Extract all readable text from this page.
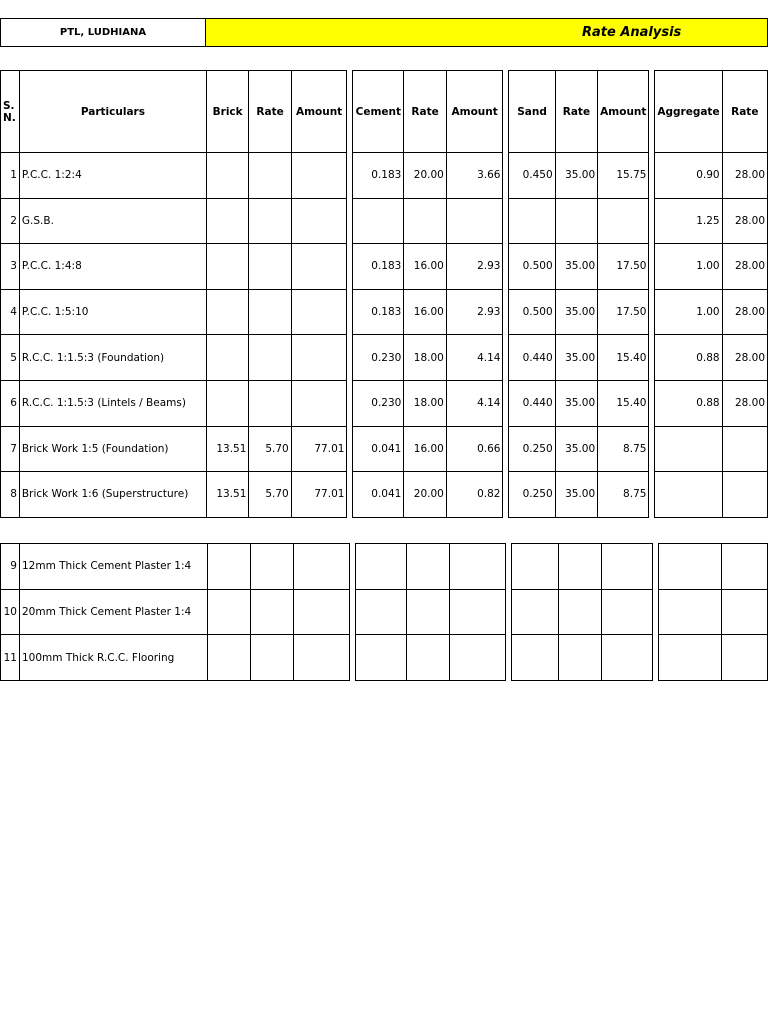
PTL, LUDHIANA	Rate Analysis
S.
N.	Particulars	Brick	Rate	Amount		Cement	Rate	Amount		Sand	Rate	Amount		Aggregate	Rate
1	P.C.C. 1:2:4					0.183	20.00	3.66		0.450	35.00	15.75		0.90	28.00
2	G.S.B.													1.25	28.00
3	P.C.C. 1:4:8					0.183	16.00	2.93		0.500	35.00	17.50		1.00	28.00
4	P.C.C. 1:5:10					0.183	16.00	2.93		0.500	35.00	17.50		1.00	28.00
5	R.C.C. 1:1.5:3 (Foundation)					0.230	18.00	4.14		0.440	35.00	15.40		0.88	28.00
6	R.C.C. 1:1.5:3 (Lintels / Beams)					0.230	18.00	4.14		0.440	35.00	15.40		0.88	28.00
7	Brick Work 1:5 (Foundation)	13.51	5.70	77.01		0.041	16.00	0.66		0.250	35.00	8.75			
8	Brick Work 1:6 (Superstructure)	13.51	5.70	77.01		0.041	20.00	0.82		0.250	35.00	8.75			
9	12mm Thick Cement Plaster 1:4														
10	20mm Thick Cement Plaster 1:4														
11	100mm Thick R.C.C. Flooring														
